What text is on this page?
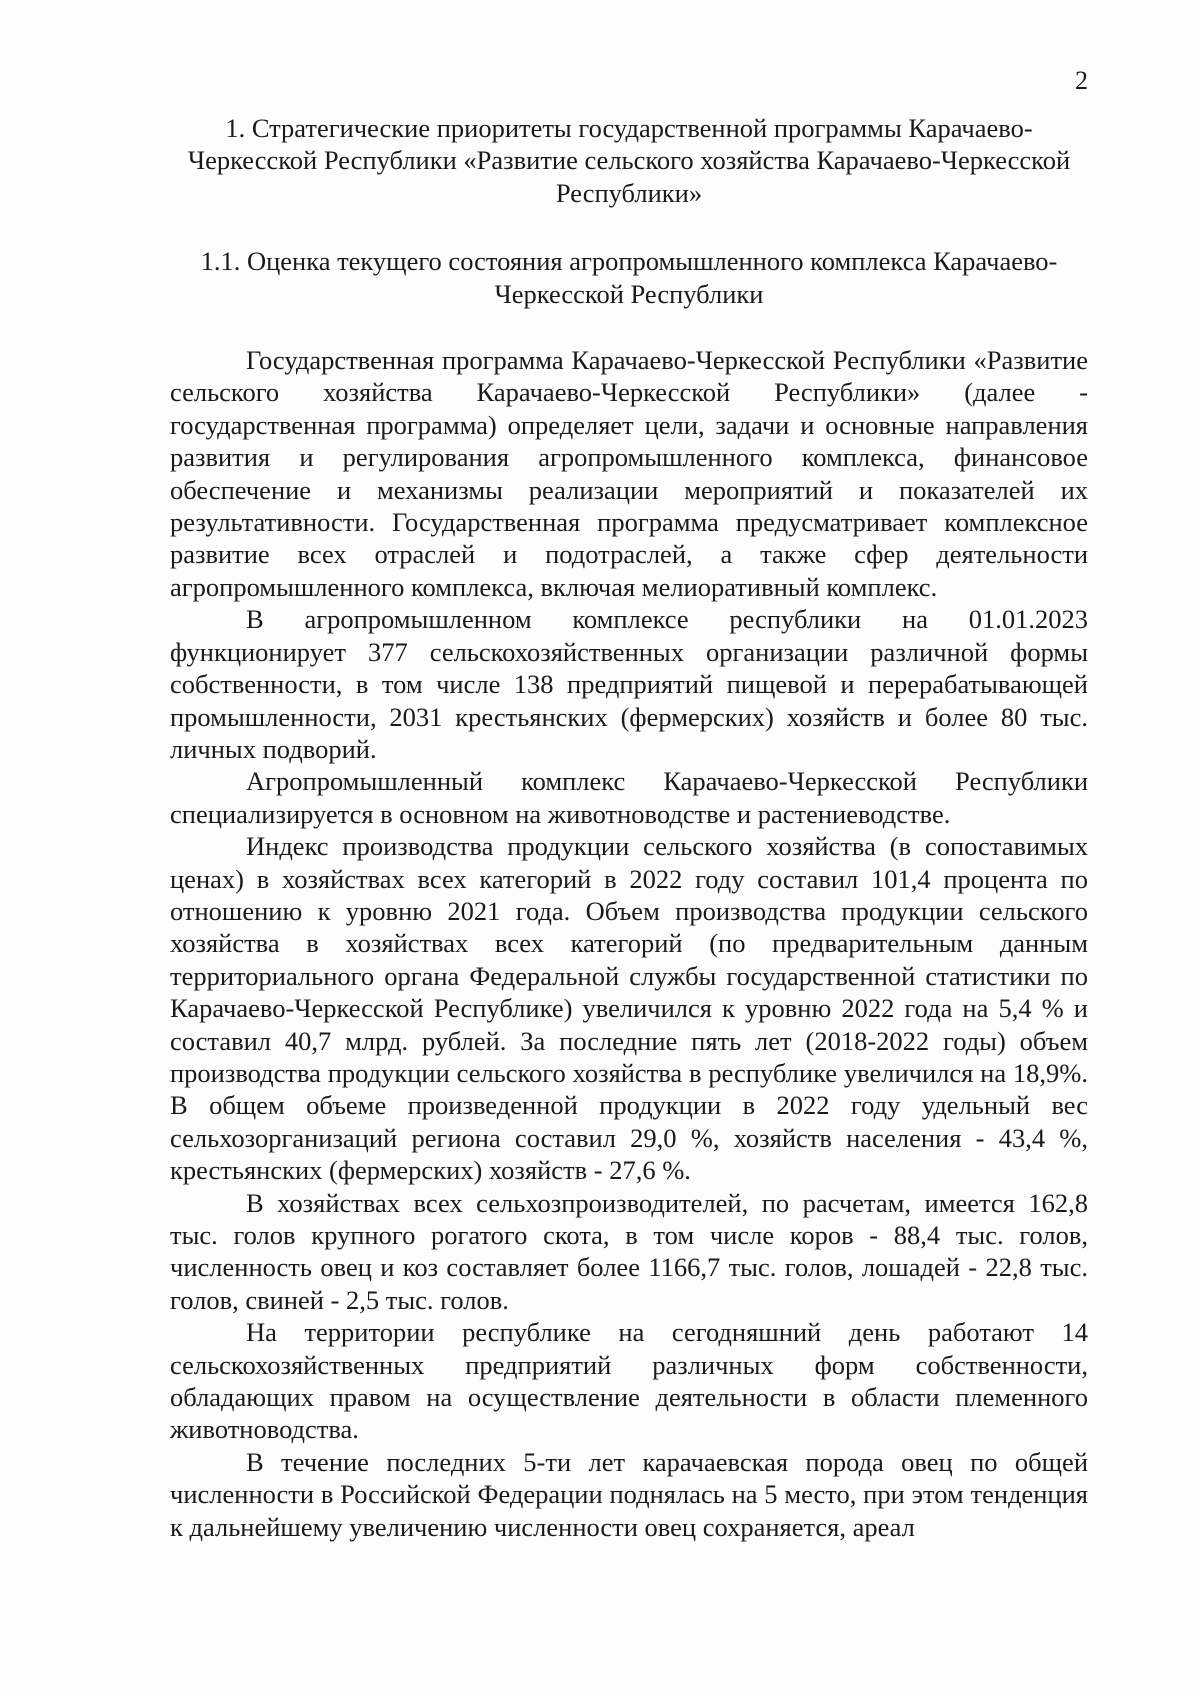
2
1. Стратегические приоритеты государственной программы Карачаево-Черкесской Республики «Развитие сельского хозяйства Карачаево-Черкесской Республики»
1.1. Оценка текущего состояния агропромышленного комплекса Карачаево-Черкесской Республики

Государственная программа Карачаево-Черкесской Республики «Развитие сельского хозяйства Карачаево-Черкесской Республики» (далее - государственная программа) определяет цели, задачи и основные направления развития и регулирования агропромышленного комплекса, финансовое обеспечение и механизмы реализации мероприятий и показателей их результативности. Государственная программа предусматривает комплексное развитие всех отраслей и подотраслей, а также сфер деятельности агропромышленного комплекса, включая мелиоративный комплекс.

В агропромышленном комплексе республики на 01.01.2023 функционирует 377 сельскохозяйственных организации различной формы собственности, в том числе 138 предприятий пищевой и перерабатывающей промышленности, 2031 крестьянских (фермерских) хозяйств и более 80 тыс. личных подворий.

Агропромышленный комплекс Карачаево-Черкесской Республики специализируется в основном на животноводстве и растениеводстве.

Индекс производства продукции сельского хозяйства (в сопоставимых ценах) в хозяйствах всех категорий в 2022 году составил 101,4 процента по отношению к уровню 2021 года. Объем производства продукции сельского хозяйства в хозяйствах всех категорий (по предварительным данным территориального органа Федеральной службы государственной статистики по Карачаево-Черкесской Республике) увеличился к уровню 2022 года на 5,4 % и составил 40,7 млрд. рублей. За последние пять лет (2018-2022 годы) объем производства продукции сельского хозяйства в республике увеличился на 18,9%. В общем объеме произведенной продукции в 2022 году удельный вес сельхозорганизаций региона составил 29,0 %, хозяйств населения - 43,4 %, крестьянских (фермерских) хозяйств - 27,6 %.

В хозяйствах всех сельхозпроизводителей, по расчетам, имеется 162,8 тыс. голов крупного рогатого скота, в том числе коров - 88,4 тыс. голов, численность овец и коз составляет более 1166,7 тыс. голов, лошадей - 22,8 тыс. голов, свиней - 2,5 тыс. голов.

На территории республике на сегодняшний день работают 14 сельскохозяйственных предприятий различных форм собственности, обладающих правом на осуществление деятельности в области племенного животноводства.

В течение последних 5-ти лет карачаевская порода овец по общей численности в Российской Федерации поднялась на 5 место, при этом тенденция к дальнейшему увеличению численности овец сохраняется, ареал
